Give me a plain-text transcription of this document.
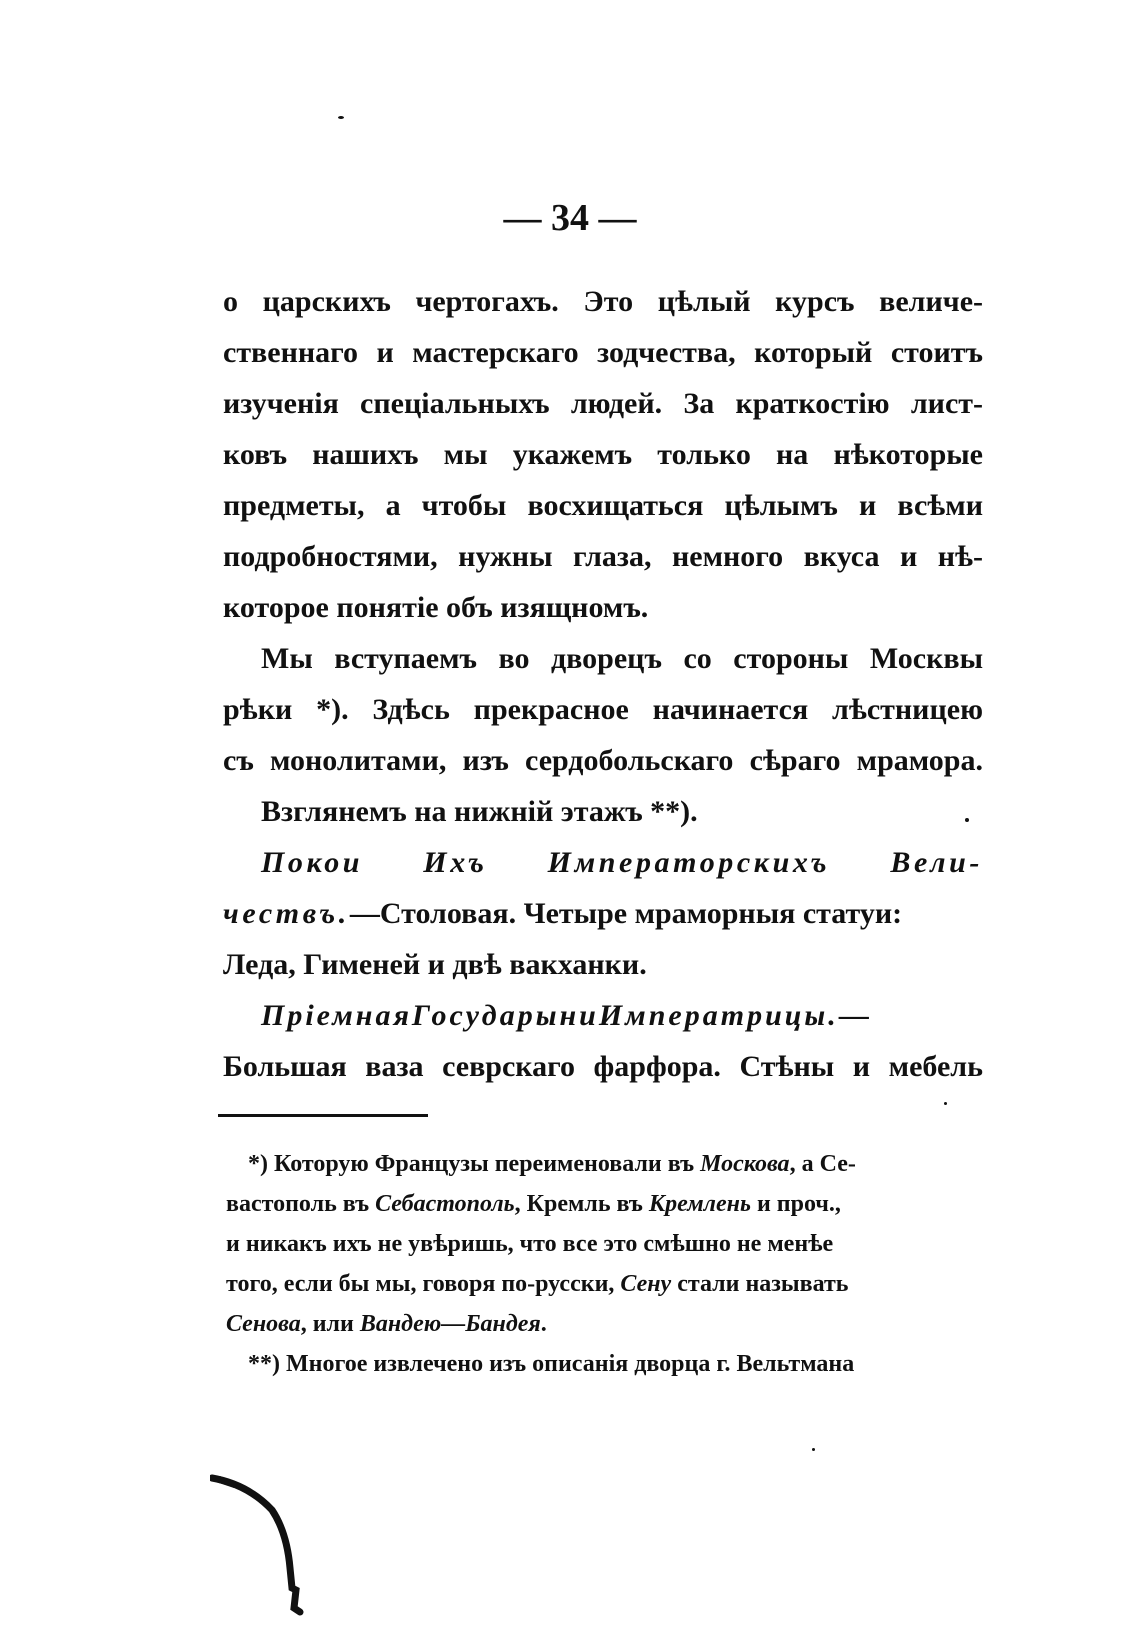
— 34 —
о царскихъ чертогахъ. Это цѣлый курсъ величе-
ственнаго и мастерскаго зодчества, который стоитъ
изученія спеціальныхъ людей. За краткостію лист-
ковъ нашихъ мы укажемъ только на нѣкоторые
предметы, а чтобы восхищаться цѣлымъ и всѣми
подробностями, нужны глаза, немного вкуса и нѣ-
которое понятіе объ изящномъ.
Мы вступаемъ во дворецъ со стороны Москвы
рѣки *). Здѣсь прекрасное начинается лѣстницею
съ монолитами, изъ сердобольскаго сѣраго мрамора.
Взглянемъ на нижній этажъ **).
Покои Ихъ Императорскихъ Вели-
чествъ.—Столовая. Четыре мраморныя статуи:
Леда, Гименей и двѣ вакханки.
ПріемнаяГосударыниИмператрицы.—
Большая ваза севрскаго фарфора. Стѣны и мебель
*) Которую Французы переименовали въ Москова, а Се-
вастополь въ Себастополь, Кремль въ Кремлень и проч.,
и никакъ ихъ не увѣришь, что все это смѣшно не менѣе
того, если бы мы, говоря по-русски, Сену стали называть
Сенова, или Вандею—Бандея.
**) Многое извлечено изъ описанія дворца г. Вельтмана
